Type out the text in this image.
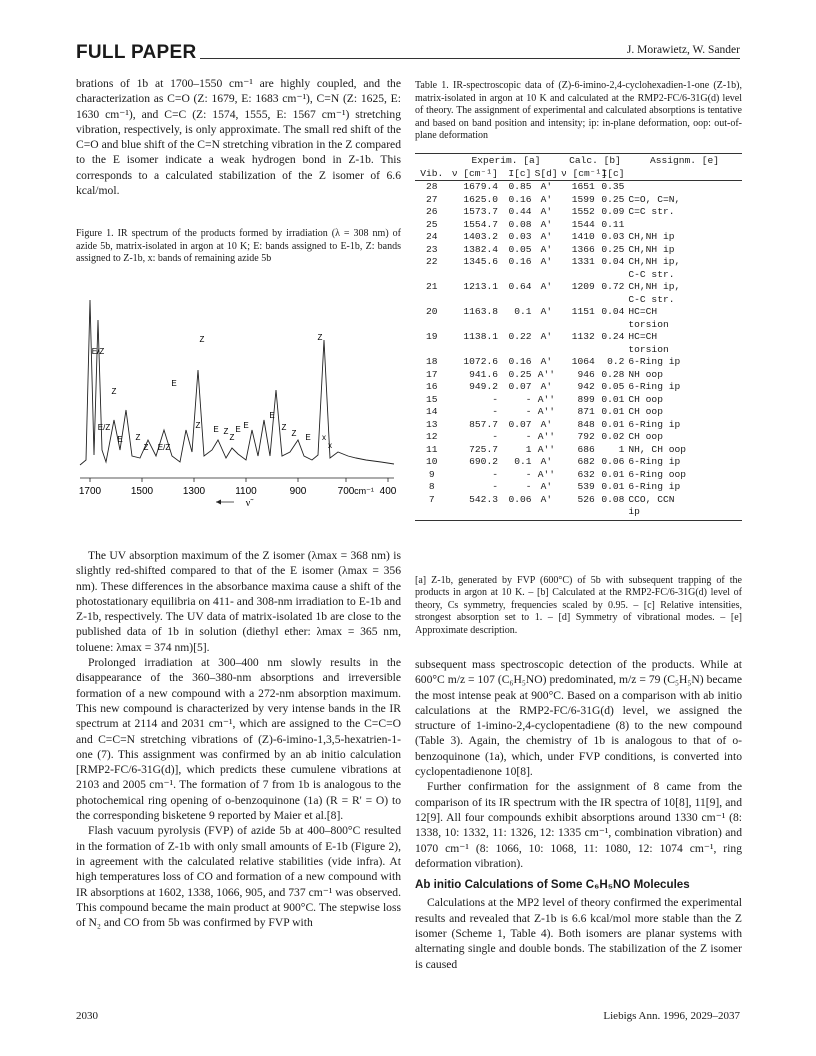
FULL PAPER	J. Morawietz, W. Sander

brations of 1b at 1700–1550 cm⁻¹ are highly coupled, and the characterization as C=O (Z: 1679, E: 1683 cm⁻¹), C=N (Z: 1625, E: 1630 cm⁻¹), and C=C (Z: 1574, 1555, E: 1567 cm⁻¹) stretching vibration, respectively, is only approximate. The small red shift of the C=O and blue shift of the C=N stretching vibration in the Z compared to the E isomer indicate a weak hydrogen bond in Z-1b. This corresponds to a calculated stabilization of the Z isomer of 6.6 kcal/mol.

Figure 1. IR spectrum of the products formed by irradiation (λ = 308 nm) of azide 5b, matrix-isolated in argon at 10 K; E: bands assigned to E-1b, Z: bands assigned to Z-1b, x: bands of remaining azide 5b
1700	1500	1300	1100	900	700	400
cm⁻¹
E/Z
Z
Z
E
E/Z
E
Z E/Z
Z
Z
E Z
Z
E E
E
Z
Z
Z
E x
x
ν̃

The UV absorption maximum of the Z isomer (λmax = 368 nm) is slightly red-shifted compared to that of the E isomer (λmax = 356 nm). These differences in the absorbance maxima cause a shift of the photostationary equilibria on 411- and 308-nm irradiation to E-1b and Z-1b, respectively. The UV data of matrix-isolated 1b are close to the published data of 1b in solution (diethyl ether: λmax = 365 nm, toluene: λmax = 374 nm)[5].

Prolonged irradiation at 300–400 nm slowly results in the disappearance of the 360–380-nm absorptions and irreversible formation of a new compound with a 272-nm absorption maximum. This new compound is characterized by very intense bands in the IR spectrum at 2114 and 2031 cm⁻¹, which are assigned to the C=C=O and C=C=N stretching vibrations of (Z)-6-imino-1,3,5-hexatrien-1-one (7). This assignment was confirmed by an ab initio calculation [RMP2-FC/6-31G(d)], which predicts these cumulene vibrations at 2103 and 2005 cm⁻¹. The formation of 7 from 1b is analogous to the photochemical ring opening of o-benzoquinone (1a) (R = R' = O) to the corresponding bisketene 9 reported by Maier et al.[8].

Flash vacuum pyrolysis (FVP) of azide 5b at 400–800°C resulted in the formation of Z-1b with only small amounts of E-1b (Figure 2), in agreement with the calculated relative stabilities (vide infra). At high temperatures loss of CO and formation of a new compound with IR absorptions at 1602, 1338, 1066, 905, and 737 cm⁻¹ was observed. This compound became the main product at 900°C. The stepwise loss of N₂ and CO from 5b was confirmed by FVP with

Table 1. IR-spectroscopic data of (Z)-6-imino-2,4-cyclohexadien-1-one (Z-1b), matrix-isolated in argon at 10 K and calculated at the RMP2-FC/6-31G(d) level of theory. The assignment of experimental and calculated absorptions is tentative and based on band position and intensity; ip: in-plane deformation, oop: out-of-plane deformation
Experim. [a]	Calc. [b]	Assignm. [e]
Vib. ν [cm⁻¹]	I[c] S[d] ν [cm⁻¹]
I[c]
28	1679.4	0.85 A'	1651 0.35
27	1625.0	0.16 A'	1599 0.25 C=O, C=N,
26	1573.7	0.44 A'	1552 0.09 C=C str.
25	1554.7	0.08 A'	1544 0.11
24	1403.2	0.03 A'	1410 0.03 CH,NH ip
23	1382.4	0.05 A'	1366 0.25 CH,NH ip
22	1345.6	0.16 A'	1331 0.04 CH,NH ip,
C-C str.
21	1213.1	0.64 A'	1209 0.72 CH,NH ip,
C-C str.
20	1163.8	0.1 A'	1151 0.04 HC=CH
torsion
19	1138.1	0.22 A'	1132 0.24 HC=CH
torsion
18	1072.6	0.16 A'	1064	0.2 6-Ring ip
17	941.6	0.25 A''	946 0.28 NH oop
16	949.2	0.07 A'	942 0.05 6-Ring ip
15	-	- A''	899 0.01 CH oop
14	-	- A''	871 0.01 CH oop
13	857.7	0.07 A'	848 0.01 6-Ring ip
12	-	- A''	792 0.02 CH oop
11	725.7	1 A''	686	1 NH, CH oop
10	690.2	0.1 A'	682 0.06 6-Ring ip
9	-	- A''	632 0.01 6-Ring oop
8	-	- A'	539 0.01 6-Ring ip
7	542.3	0.06 A'	526 0.08 CCO, CCN
ip
[a] Z-1b, generated by FVP (600°C) of 5b with subsequent trapping of the products in argon at 10 K. – [b] Calculated at the RMP2-FC/6-31G(d) level of theory, Cs symmetry, frequencies scaled by 0.95. – [c] Relative intensities, strongest absorption set to 1. – [d] Symmetry of vibrational modes. – [e] Approximate description.

subsequent mass spectroscopic detection of the products. While at 600°C m/z = 107 (C₆H₅NO) predominated, m/z = 79 (C₅H₅N) became the most intense peak at 900°C. Based on a comparison with ab initio calculations at the RMP2-FC/6-31G(d) level, we assigned the structure of 1-imino-2,4-cyclopentadiene (8) to the new compound (Table 3). Again, the chemistry of 1b is analogous to that of o-benzoquinone (1a), which, under FVP conditions, is converted into cyclopentadienone 10[8].

Further confirmation for the assignment of 8 came from the comparison of its IR spectrum with the IR spectra of 10[8], 11[9], and 12[9]. All four compounds exhibit absorptions around 1330 cm⁻¹ (8: 1338, 10: 1332, 11: 1326, 12: 1335 cm⁻¹, combination vibration) and 1070 cm⁻¹ (8: 1066, 10: 1068, 11: 1080, 12: 1074 cm⁻¹, ring deformation vibration).

Ab initio Calculations of Some C₆H₅NO Molecules

Calculations at the MP2 level of theory confirmed the experimental results and revealed that Z-1b is 6.6 kcal/mol more stable than the Z isomer (Scheme 1, Table 4). Both isomers are planar systems with alternating single and double bonds. The stabilization of the Z isomer is caused

2030	Liebigs Ann. 1996, 2029–2037
